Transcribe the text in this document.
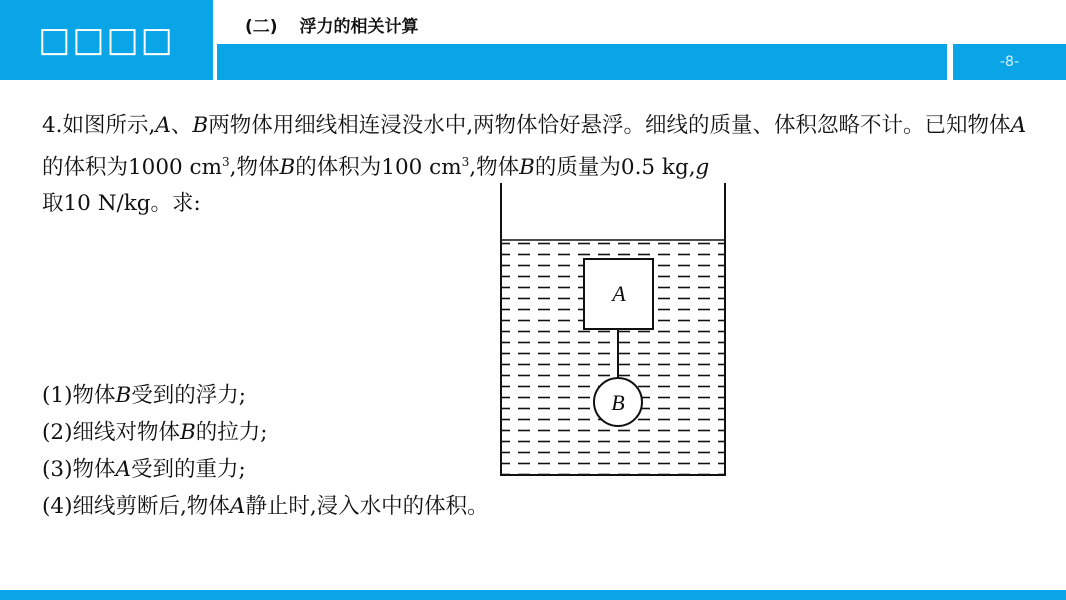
□□□□	(二) 浮力的相关计算
-8-
4.如图所示,A、B两物体用细线相连浸没水中,两物体恰好悬浮。细线的质量、体积忽略不计。已知物体A的体积为1000 $cm^3$,物体B的体积为100 $cm^3$,物体B的质量为0.5 kg,g
取10 N/kg。求:
(1)物体B受到的浮力;
(2)细线对物体B的拉力;
(3)物体A受到的重力;
(4)细线剪断后,物体A静止时,浸入水中的体积。
A
B
